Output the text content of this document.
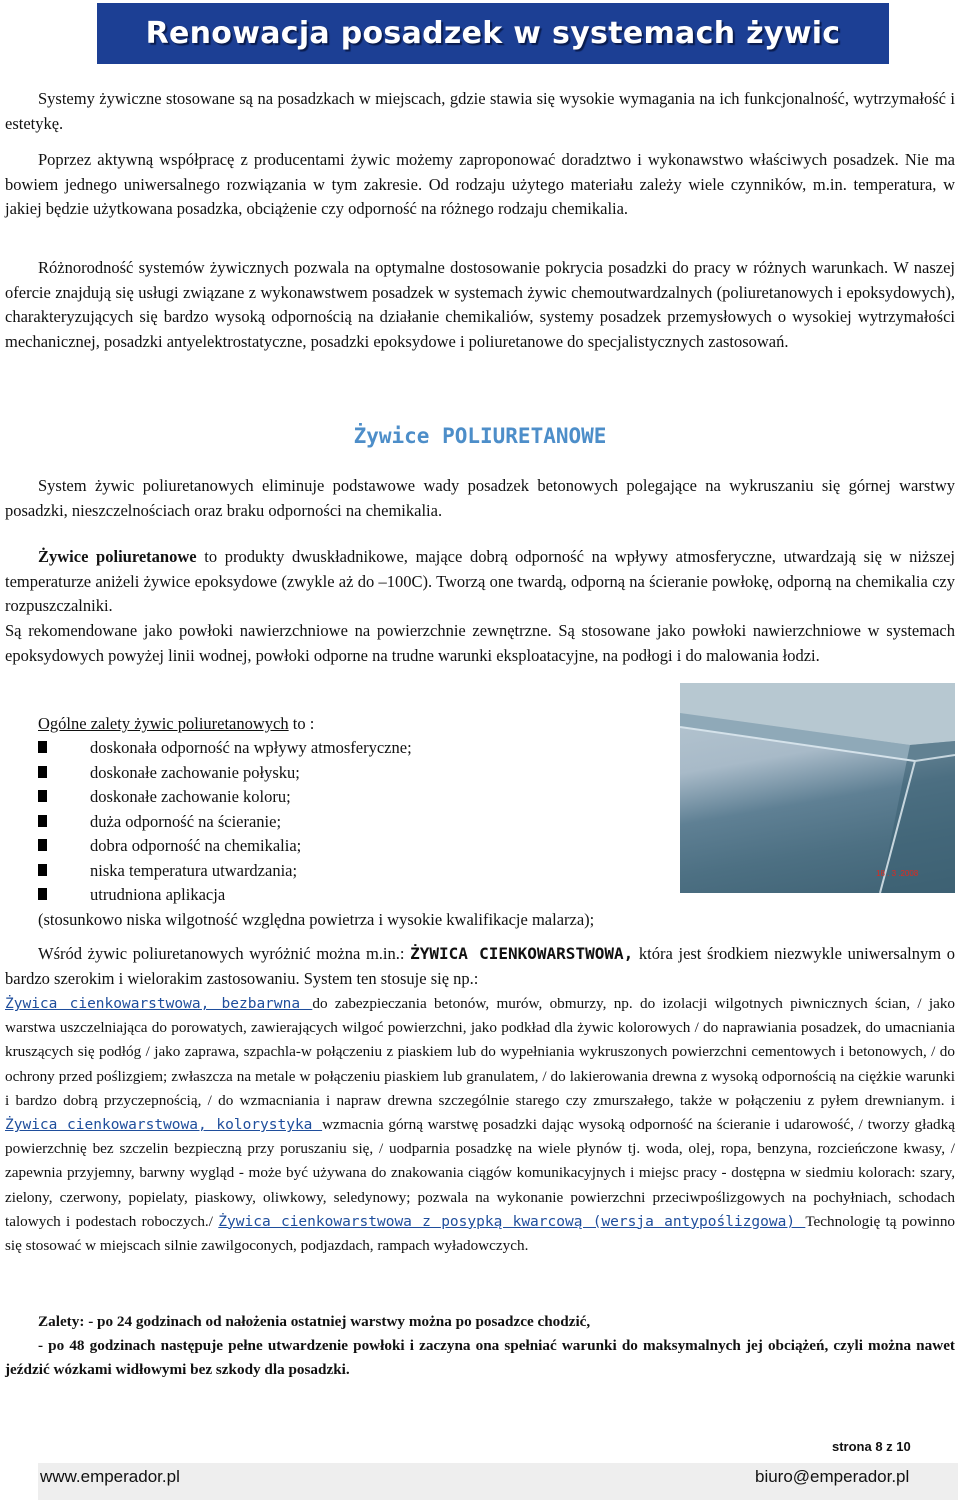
Renowacja posadzek w systemach żywic

Systemy żywiczne stosowane są na posadzkach w miejscach, gdzie stawia się wysokie wymagania na ich funkcjonalność, wytrzymałość i estetykę.

Poprzez aktywną współpracę z producentami żywic możemy zaproponować doradztwo i wykonawstwo właściwych posadzek. Nie ma bowiem jednego uniwersalnego rozwiązania w tym zakresie. Od rodzaju użytego materiału zależy wiele czynników, m.in. temperatura, w jakiej będzie użytkowana posadzka, obciążenie czy odporność na różnego rodzaju chemikalia.

Różnorodność systemów żywicznych pozwala na optymalne dostosowanie pokrycia posadzki do pracy w różnych warunkach. W naszej ofercie znajdują się usługi związane z wykonawstwem posadzek w systemach żywic chemoutwardzalnych (poliuretanowych i epoksydowych), charakteryzujących się bardzo wysoką odpornością na działanie chemikaliów, systemy posadzek przemysłowych o wysokiej wytrzymałości mechanicznej, posadzki antyelektrostatyczne, posadzki epoksydowe i poliuretanowe do specjalistycznych zastosowań.

Żywice POLIURETANOWE

System żywic poliuretanowych eliminuje podstawowe wady posadzek betonowych polegające na wykruszaniu się górnej warstwy posadzki, nieszczelnościach oraz braku odporności na chemikalia.

Żywice poliuretanowe to produkty dwuskładnikowe, mające dobrą odporność na wpływy atmosferyczne, utwardzają się w niższej temperaturze aniżeli żywice epoksydowe (zwykle aż do –100C). Tworzą one twardą, odporną na ścieranie powłokę, odporną na chemikalia czy rozpuszczalniki.

Są rekomendowane jako powłoki nawierzchniowe na powierzchnie zewnętrzne. Są stosowane jako powłoki nawierzchniowe w systemach epoksydowych powyżej linii wodnej, powłoki odporne na trudne warunki eksploatacyjne, na podłogi i do malowania łodzi.

Ogólne zalety żywic poliuretanowych to :

doskonała odporność na wpływy atmosferyczne;
doskonałe zachowanie połysku;
doskonałe zachowanie koloru;
duża odporność na ścieranie;
dobra odporność na chemikalia;
niska temperatura utwardzania;
utrudniona aplikacja

(stosunkowo niska wilgotność względna powietrza i wysokie kwalifikacje malarza);

18 . 3 .2008

Wśród żywic poliuretanowych wyróżnić można m.in.: ŻYWICA CIENKOWARSTWOWA, która jest środkiem niezwykle uniwersalnym o bardzo szerokim i wielorakim zastosowaniu. System ten stosuje się np.:

Żywica cienkowarstwowa, bezbarwna do zabezpieczania betonów, murów, obmurzy, np. do izolacji wilgotnych piwnicznych ścian, / jako warstwa uszczelniająca do porowatych, zawierających wilgoć powierzchni, jako podkład dla żywic kolorowych / do naprawiania posadzek, do umacniania kruszących się podłóg / jako zaprawa, szpachla-w połączeniu z piaskiem lub do wypełniania wykruszonych powierzchni cementowych i betonowych, / do ochrony przed poślizgiem; zwłaszcza na metale w połączeniu piaskiem lub granulatem, / do lakierowania drewna z wysoką odpornością na ciężkie warunki i bardzo dobrą przyczepnością, / do wzmacniania i napraw drewna szczególnie starego czy zmurszałego, także w połączeniu z pyłem drewnianym. i Żywica cienkowarstwowa, kolorystyka wzmacnia górną warstwę posadzki dając wysoką odporność na ścieranie i udarowość, / tworzy gładką powierzchnię bez szczelin bezpieczną przy poruszaniu się, / uodparnia posadzkę na wiele płynów tj. woda, olej, ropa, benzyna, rozcieńczone kwasy, / zapewnia przyjemny, barwny wygląd - może być używana do znakowania ciągów komunikacyjnych i miejsc pracy - dostępna w siedmiu kolorach: szary, zielony, czerwony, popielaty, piaskowy, oliwkowy, seledynowy; pozwala na wykonanie powierzchni przeciwpoślizgowych na pochyłniach, schodach talowych i podestach roboczych./ Żywica cienkowarstwowa z posypką kwarcową (wersja antypoślizgowa) Technologię tą powinno się stosować w miejscach silnie zawilgoconych, podjazdach, rampach wyładowczych.

Zalety: - po 24 godzinach od nałożenia ostatniej warstwy można po posadzce chodzić,

- po 48 godzinach następuje pełne utwardzenie powłoki i zaczyna ona spełniać warunki do maksymalnych jej obciążeń, czyli można nawet jeździć wózkami widłowymi bez szkody dla posadzki.

strona 8 z 10
www.emperador.pl	biuro@emperador.pl
